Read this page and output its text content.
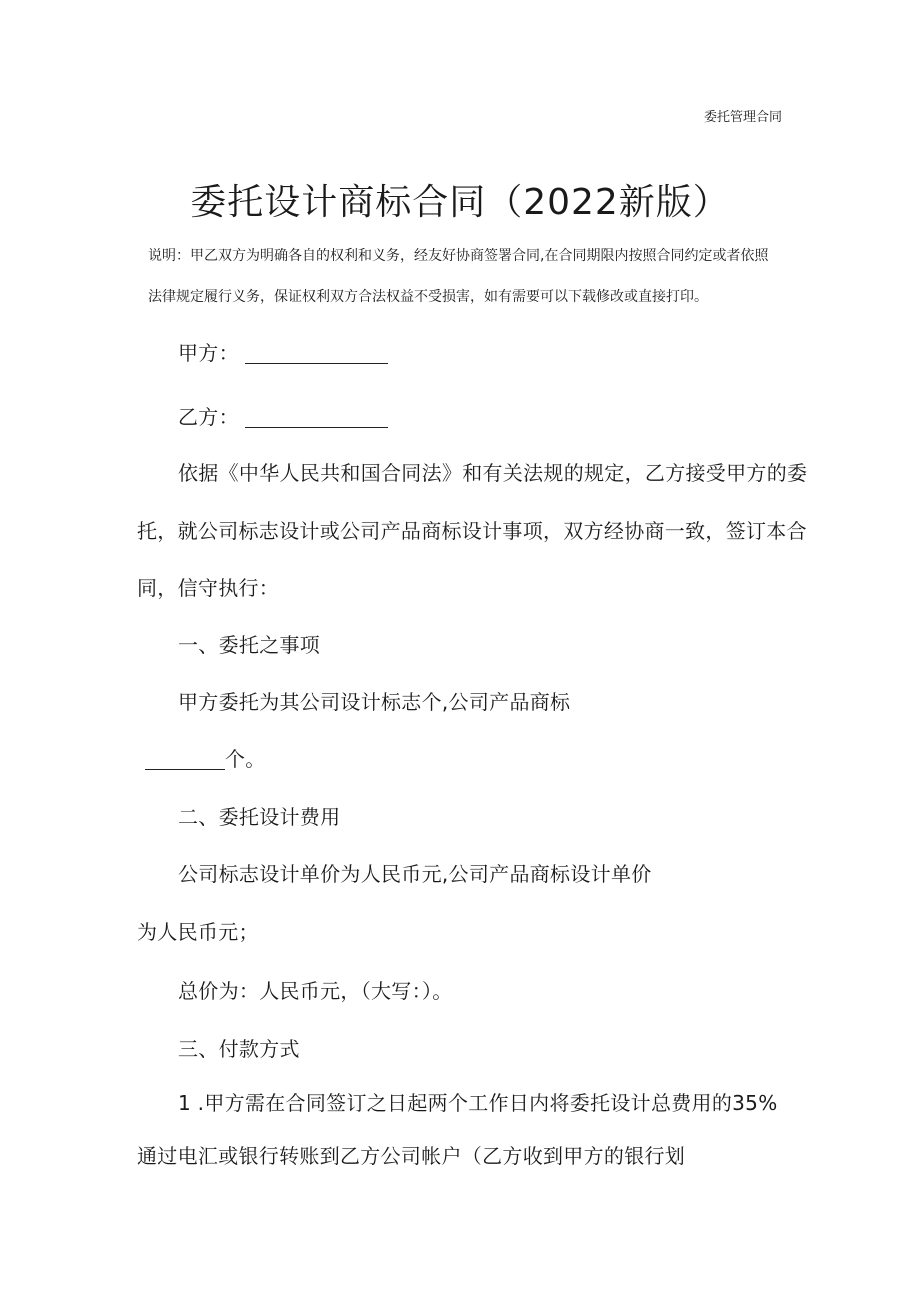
委托管理合同
委托设计商标合同（2022新版）
说明：甲乙双方为明确各自的权利和义务，经友好协商签署合同,在合同期限内按照合同约定或者依照
法律规定履行义务，保证权利双方合法权益不受损害，如有需要可以下载修改或直接打印。
甲方：
乙方：
依据《中华人民共和国合同法》和有关法规的规定，乙方接受甲方的委
托，就公司标志设计或公司产品商标设计事项，双方经协商一致，签订本合
同，信守执行：
一、委托之事项
甲方委托为其公司设计标志个,公司产品商标
个。
二、委托设计费用
公司标志设计单价为人民币元,公司产品商标设计单价
为人民币元；
总价为：人民币元，（大写：）。
三、付款方式
1 .甲方需在合同签订之日起两个工作日内将委托设计总费用的35%
通过电汇或银行转账到乙方公司帐户（乙方收到甲方的银行划
